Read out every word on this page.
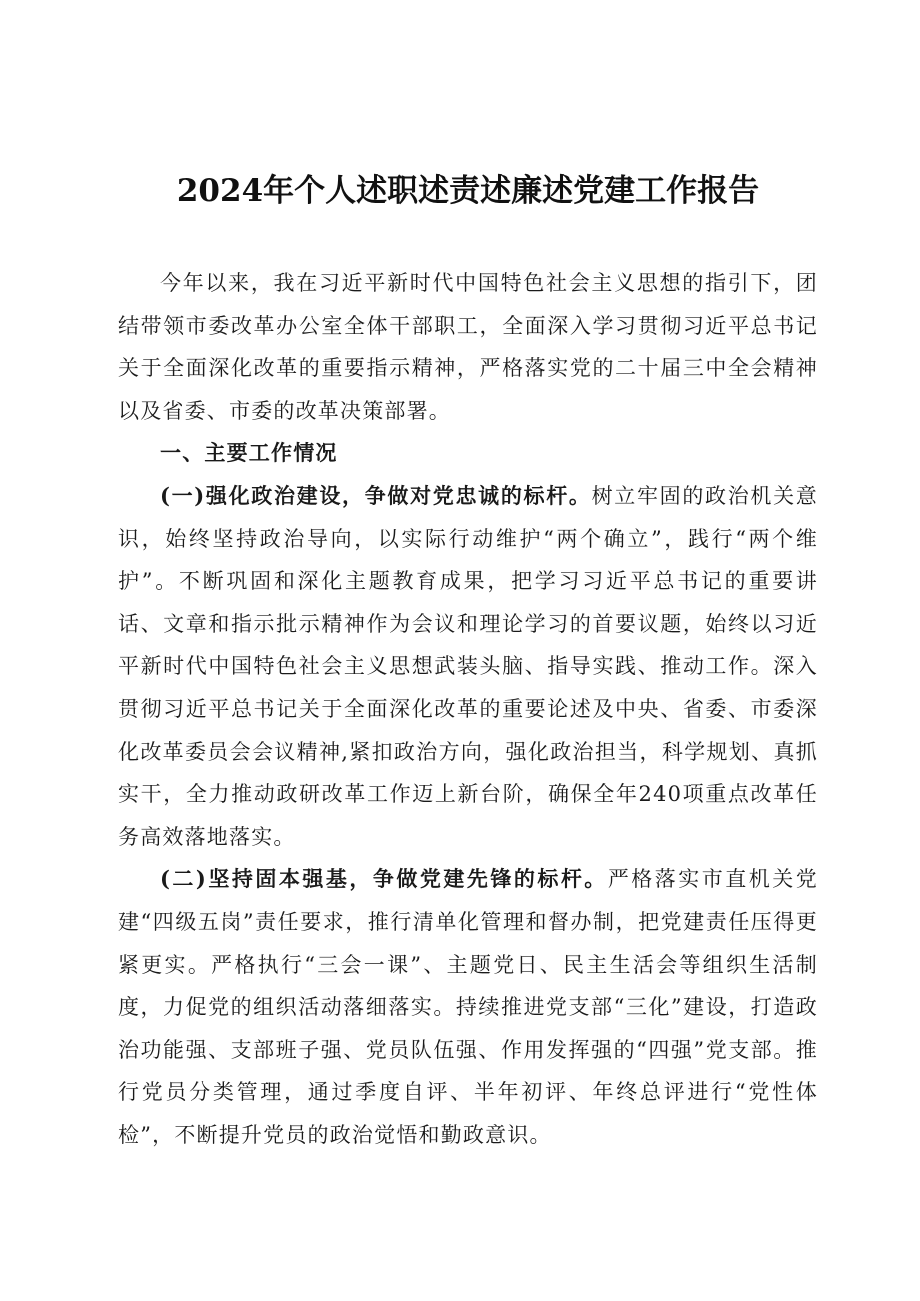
2024年个人述职述责述廉述党建工作报告

今年以来，我在习近平新时代中国特色社会主义思想的指引下，团结带领市委改革办公室全体干部职工，全面深入学习贯彻习近平总书记关于全面深化改革的重要指示精神，严格落实党的二十届三中全会精神以及省委、市委的改革决策部署。

一、主要工作情况

(一)强化政治建设，争做对党忠诚的标杆。树立牢固的政治机关意识，始终坚持政治导向，以实际行动维护“两个确立”，践行“两个维护”。不断巩固和深化主题教育成果，把学习习近平总书记的重要讲话、文章和指示批示精神作为会议和理论学习的首要议题，始终以习近平新时代中国特色社会主义思想武装头脑、指导实践、推动工作。深入贯彻习近平总书记关于全面深化改革的重要论述及中央、省委、市委深化改革委员会会议精神,紧扣政治方向，强化政治担当，科学规划、真抓实干，全力推动政研改革工作迈上新台阶，确保全年240项重点改革任务高效落地落实。

(二)坚持固本强基，争做党建先锋的标杆。严格落实市直机关党建“四级五岗”责任要求，推行清单化管理和督办制，把党建责任压得更紧更实。严格执行“三会一课”、主题党日、民主生活会等组织生活制度，力促党的组织活动落细落实。持续推进党支部“三化”建设，打造政治功能强、支部班子强、党员队伍强、作用发挥强的“四强”党支部。推行党员分类管理，通过季度自评、半年初评、年终总评进行“党性体检”，不断提升党员的政治觉悟和勤政意识。
